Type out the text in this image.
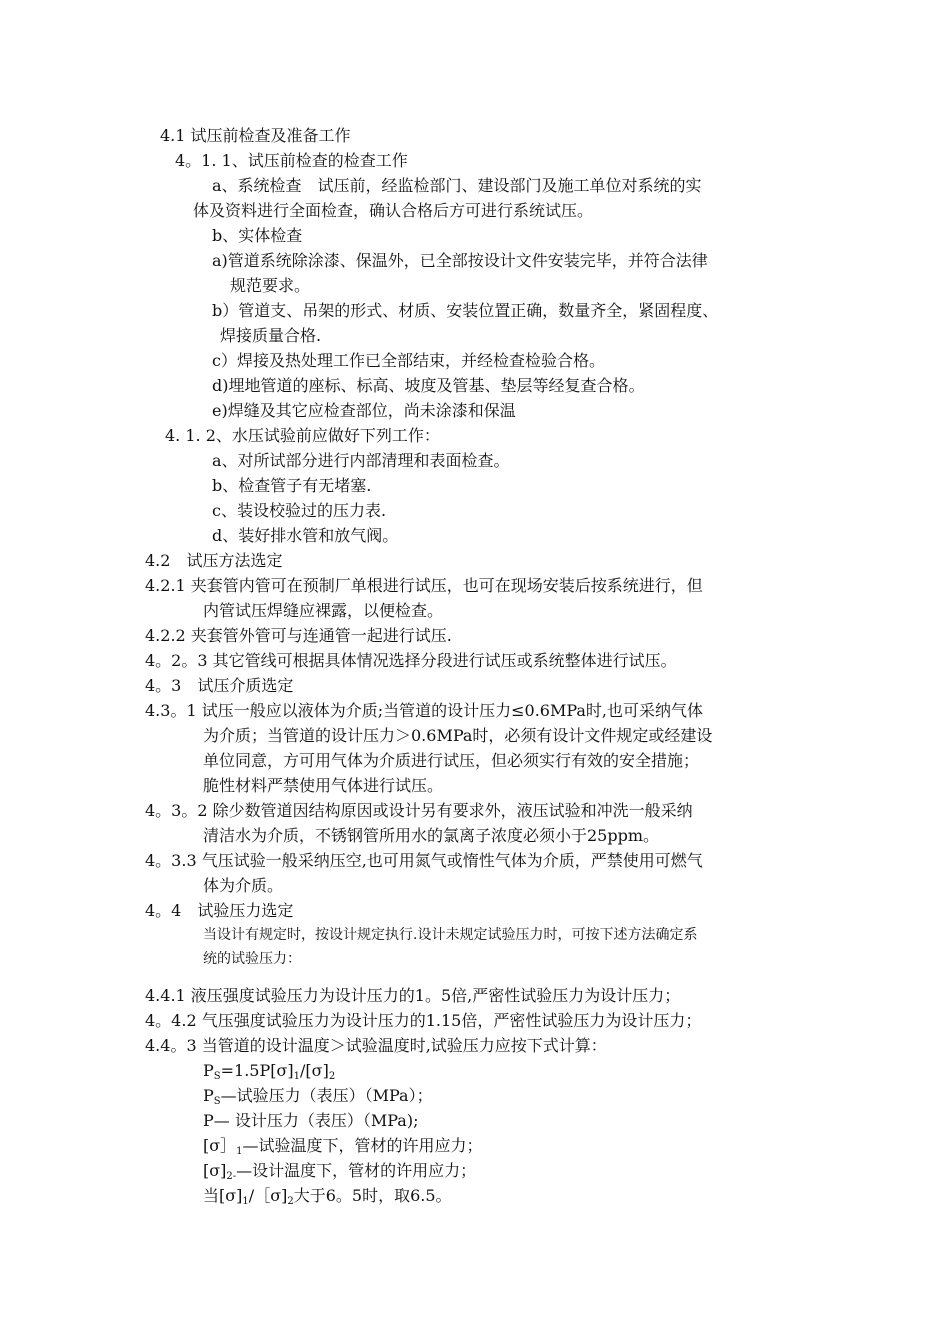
4.1 试压前检查及准备工作
4。1. 1、试压前检查的检查工作
a、系统检查　试压前，经监检部门、建设部门及施工单位对系统的实
体及资料进行全面检查，确认合格后方可进行系统试压。
b、实体检查
a)管道系统除涂漆、保温外，已全部按设计文件安装完毕，并符合法律
规范要求。
b）管道支、吊架的形式、材质、安装位置正确，数量齐全，紧固程度、
焊接质量合格.
c）焊接及热处理工作已全部结束，并经检查检验合格。
d)埋地管道的座标、标高、坡度及管基、垫层等经复查合格。
e)焊缝及其它应检查部位，尚未涂漆和保温
4. 1. 2、水压试验前应做好下列工作：
a、对所试部分进行内部清理和表面检查。
b、检查管子有无堵塞.
c、装设校验过的压力表.
d、装好排水管和放气阀。
4.2　试压方法选定
4.2.1 夹套管内管可在预制厂单根进行试压，也可在现场安装后按系统进行，但
内管试压焊缝应裸露，以便检查。
4.2.2 夹套管外管可与连通管一起进行试压.
4。2。3 其它管线可根据具体情况选择分段进行试压或系统整体进行试压。
4。3　试压介质选定
4.3。1 试压一般应以液体为介质;当管道的设计压力≤0.6MPa时,也可采纳气体
为介质；当管道的设计压力＞0.6MPa时，必须有设计文件规定或经建设
单位同意，方可用气体为介质进行试压，但必须实行有效的安全措施；
脆性材料严禁使用气体进行试压。
4。3。2 除少数管道因结构原因或设计另有要求外，液压试验和冲洗一般采纳
清洁水为介质，不锈钢管所用水的氯离子浓度必须小于25ppm。
4。3.3 气压试验一般采纳压空,也可用氮气或惰性气体为介质，严禁使用可燃气
体为介质。
4。4　试验压力选定
当设计有规定时，按设计规定执行.设计未规定试验压力时，可按下述方法确定系
统的试验压力：
4.4.1 液压强度试验压力为设计压力的1。5倍,严密性试验压力为设计压力；
4。4.2 气压强度试验压力为设计压力的1.15倍，严密性试验压力为设计压力；
4.4。3 当管道的设计温度＞试验温度时,试验压力应按下式计算：
$P_S=1.5P[\sigma]_1/[\sigma]_2$
$P_S—$试验压力（表压）（MPa）；
P— 设计压力（表压）（MPa);
[$\sigma]_1—$试验温度下，管材的许用应力；
$[\sigma]_{2-}—$设计温度下，管材的许用应力；
当$[\sigma]_1/[\sigma]_2$大于6。5时，取6.5。
